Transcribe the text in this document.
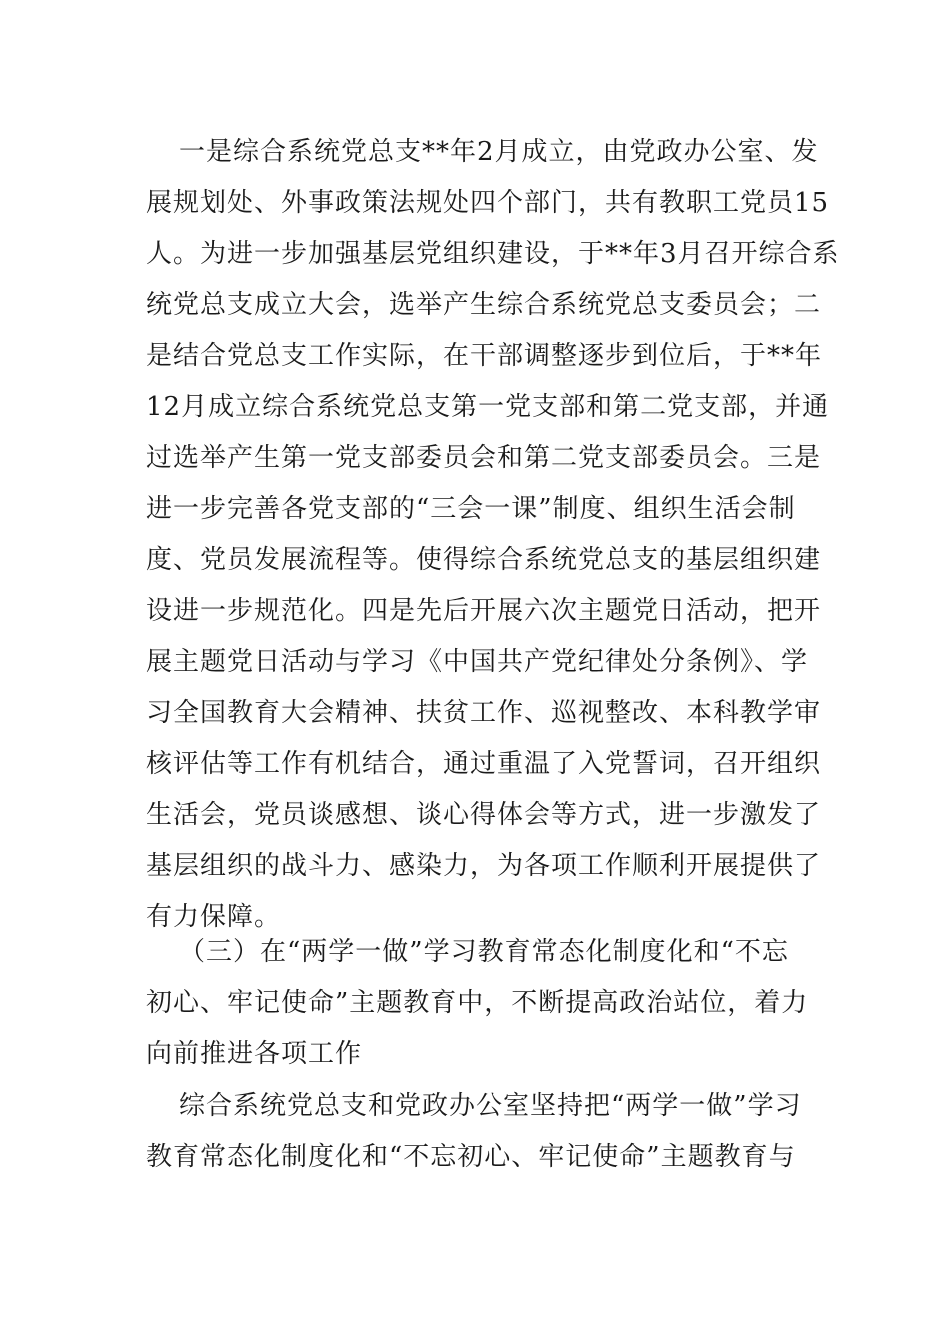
一是综合系统党总支**年2月成立，由党政办公室、发
展规划处、外事政策法规处四个部门，共有教职工党员15
人。为进一步加强基层党组织建设，于**年3月召开综合系
统党总支成立大会，选举产生综合系统党总支委员会；二
是结合党总支工作实际，在干部调整逐步到位后，于**年
12月成立综合系统党总支第一党支部和第二党支部，并通
过选举产生第一党支部委员会和第二党支部委员会。三是
进一步完善各党支部的“三会一课”制度、组织生活会制
度、党员发展流程等。使得综合系统党总支的基层组织建
设进一步规范化。四是先后开展六次主题党日活动，把开
展主题党日活动与学习《中国共产党纪律处分条例》、学
习全国教育大会精神、扶贫工作、巡视整改、本科教学审
核评估等工作有机结合，通过重温了入党誓词，召开组织
生活会，党员谈感想、谈心得体会等方式，进一步激发了
基层组织的战斗力、感染力，为各项工作顺利开展提供了
有力保障。
（三）在“两学一做”学习教育常态化制度化和“不忘
初心、牢记使命”主题教育中，不断提高政治站位，着力
向前推进各项工作
综合系统党总支和党政办公室坚持把“两学一做”学习
教育常态化制度化和“不忘初心、牢记使命”主题教育与
